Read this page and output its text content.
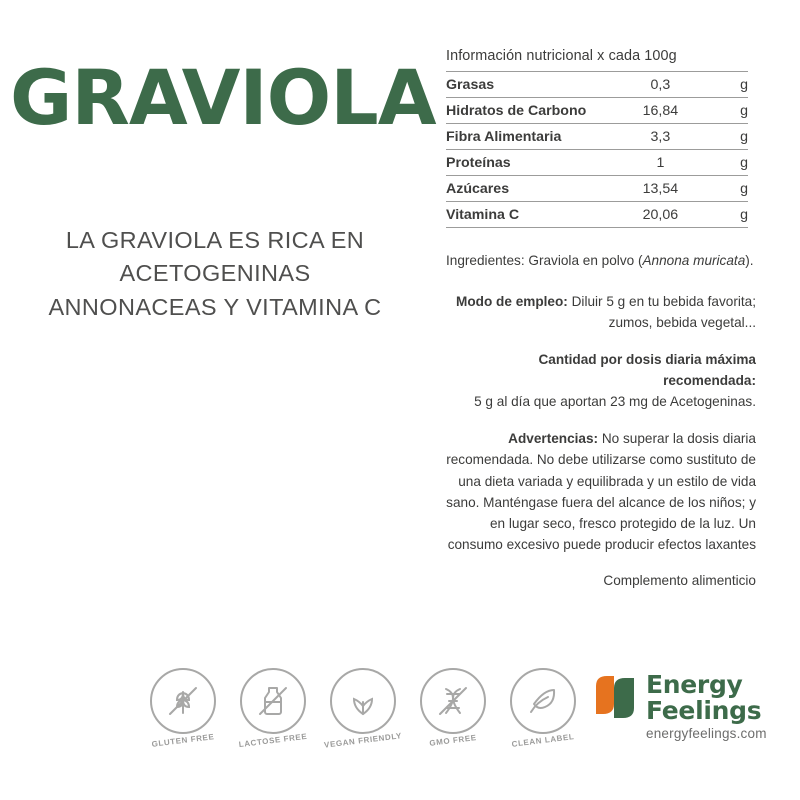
GRAVIOLA
LA GRAVIOLA ES RICA EN ACETOGENINAS ANNONACEAS Y VITAMINA C
Información nutricional x cada 100g
Grasas	0,3	g
Hidratos de Carbono	16,84	g
Fibra Alimentaria	3,3	g
Proteínas	1	g
Azúcares	13,54	g
Vitamina C	20,06	g
Ingredientes: Graviola en polvo (Annona muricata).
Modo de empleo: Diluir 5 g en tu bebida favorita; zumos, bebida vegetal...
Cantidad por dosis diaria máxima recomendada:
5 g al día que aportan 23 mg de Acetogeninas.
Advertencias: No superar la dosis diaria recomendada. No debe utilizarse como sustituto de una dieta variada y equilibrada y un estilo de vida sano. Manténgase fuera del alcance de los niños; y en lugar seco, fresco protegido de la luz. Un consumo excesivo puede producir efectos laxantes
Complemento alimenticio
GLUTEN FREE	LACTOSE FREE	VEGAN FRIENDLY	GMO FREE	CLEAN LABEL
Energy
Feelings
energyfeelings.com
